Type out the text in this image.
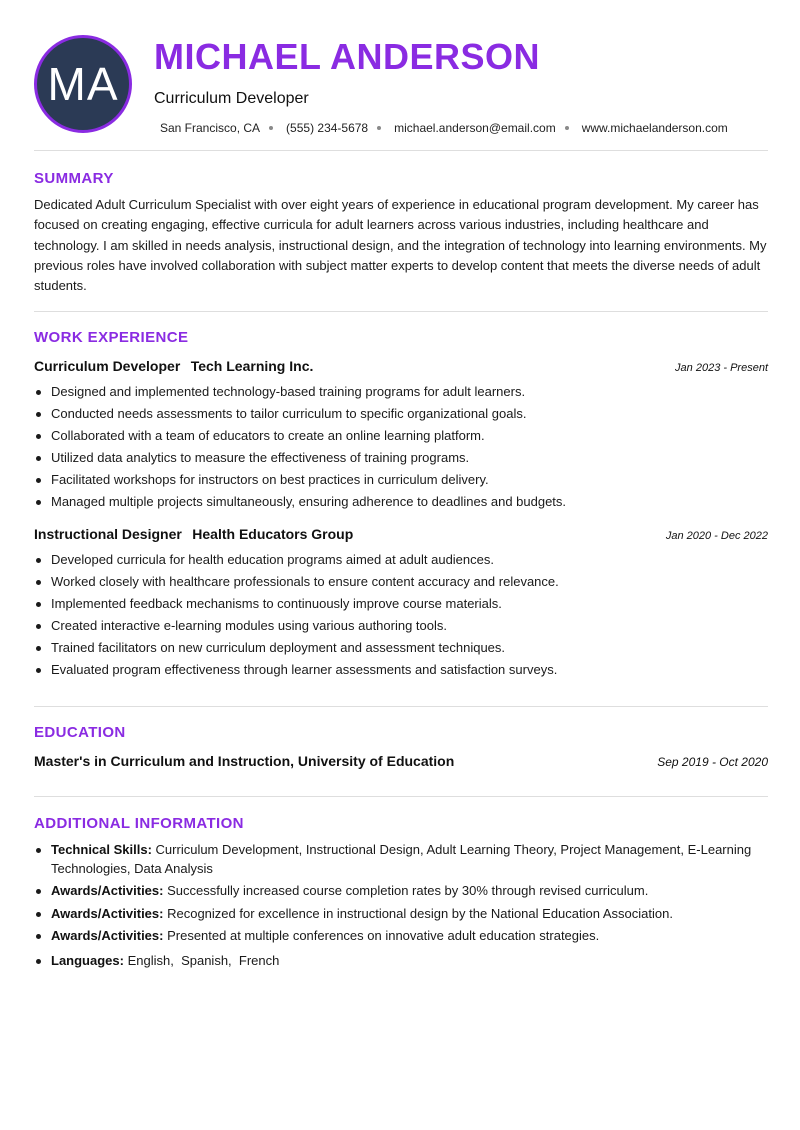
MA
MICHAEL ANDERSON
Curriculum Developer
San Francisco, CA (555) 234-5678 michael.anderson@email.com www.michaelanderson.com
SUMMARY

Dedicated Adult Curriculum Specialist with over eight years of experience in educational program development. My career has focused on creating engaging, effective curricula for adult learners across various industries, including healthcare and technology. I am skilled in needs analysis, instructional design, and the integration of technology into learning environments. My previous roles have involved collaboration with subject matter experts to develop content that meets the diverse needs of adult students.

WORK EXPERIENCE
Curriculum Developer Tech Learning Inc.	Jan 2023 - Present
Designed and implemented technology-based training programs for adult learners.
Conducted needs assessments to tailor curriculum to specific organizational goals.
Collaborated with a team of educators to create an online learning platform.
Utilized data analytics to measure the effectiveness of training programs.
Facilitated workshops for instructors on best practices in curriculum delivery.
Managed multiple projects simultaneously, ensuring adherence to deadlines and budgets.
Instructional Designer Health Educators Group	Jan 2020 - Dec 2022
Developed curricula for health education programs aimed at adult audiences.
Worked closely with healthcare professionals to ensure content accuracy and relevance.
Implemented feedback mechanisms to continuously improve course materials.
Created interactive e-learning modules using various authoring tools.
Trained facilitators on new curriculum deployment and assessment techniques.
Evaluated program effectiveness through learner assessments and satisfaction surveys.
EDUCATION
Master's in Curriculum and Instruction, University of Education	Sep 2019 - Oct 2020
ADDITIONAL INFORMATION
Technical Skills: Curriculum Development, Instructional Design, Adult Learning Theory, Project Management, E-Learning Technologies, Data Analysis
Awards/Activities: Successfully increased course completion rates by 30% through revised curriculum.
Awards/Activities: Recognized for excellence in instructional design by the National Education Association.
Awards/Activities: Presented at multiple conferences on innovative adult education strategies.
Languages: English,  Spanish,  French
